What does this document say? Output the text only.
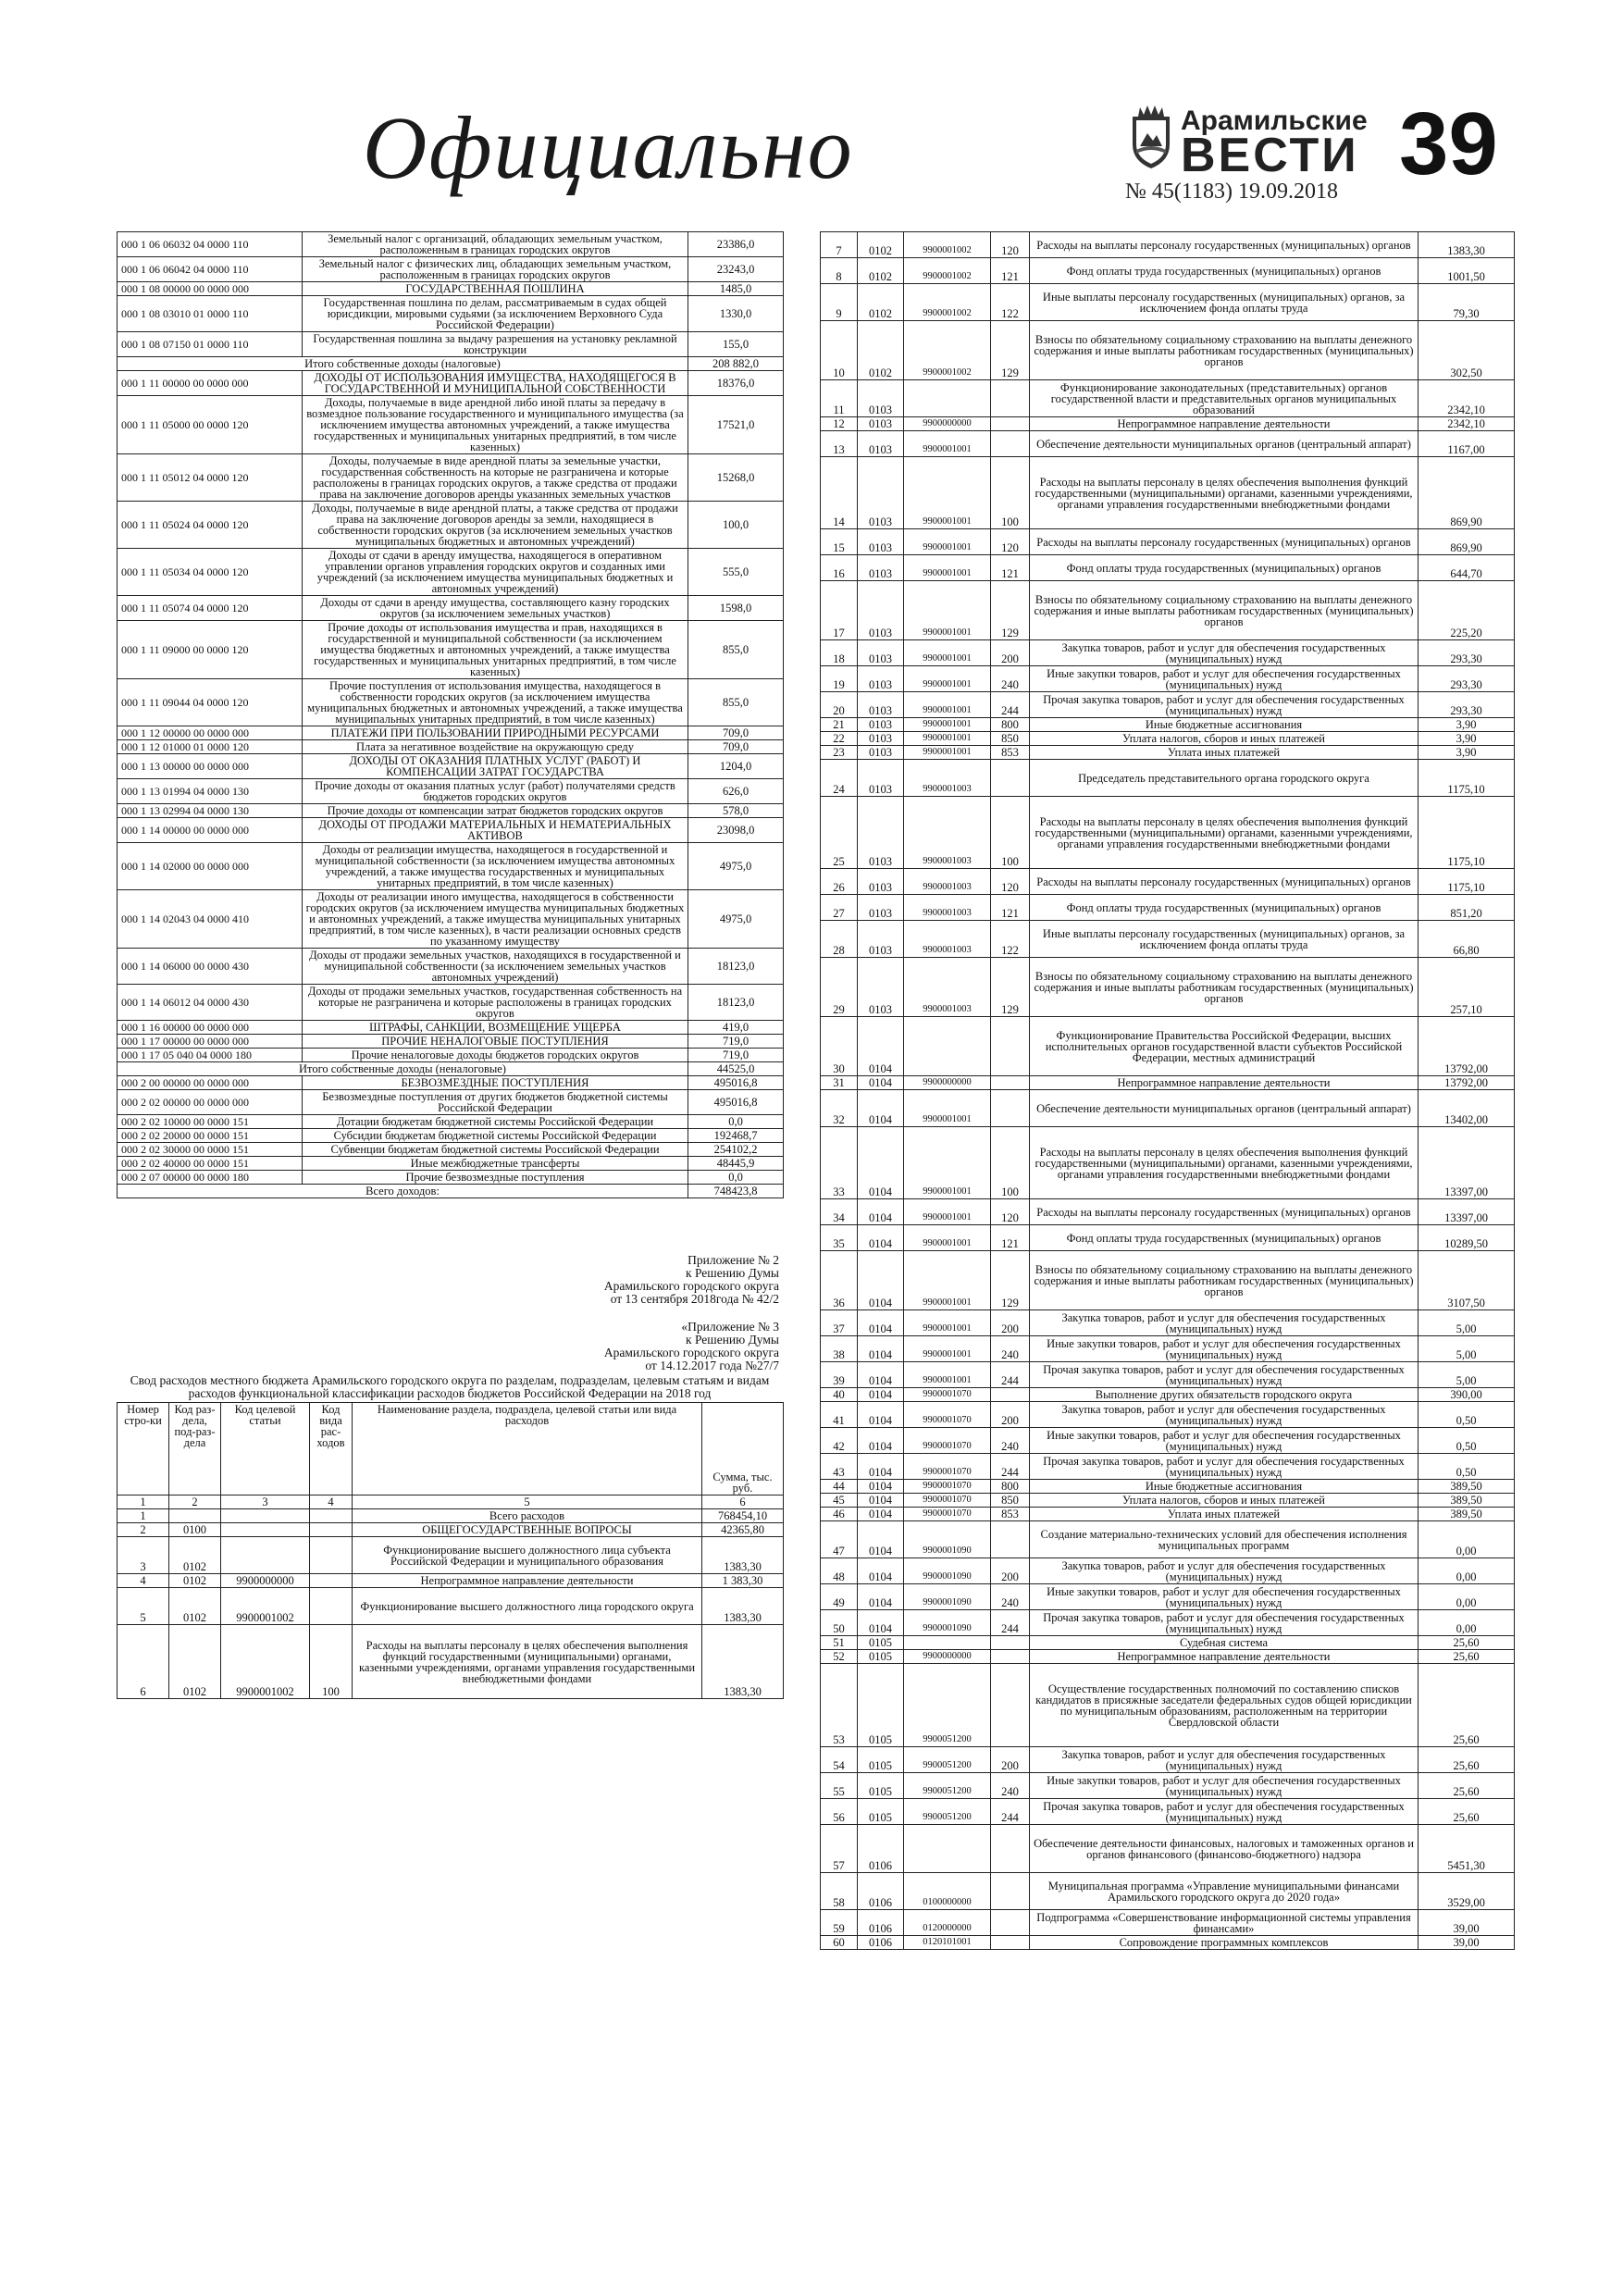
Официально	Арамильские
ВЕСТИ 39
№ 45(1183) 19.09.2018
000 1 06 06032 04 0000 110	Земельный налог с организаций, обладающих земельным участком, расположенным в границах городских округов	23386,0
000 1 06 06042 04 0000 110	Земельный налог с физических лиц, обладающих земельным участком, расположенным в границах городских округов	23243,0
000 1 08 00000 00 0000 000	ГОСУДАРСТВЕННАЯ ПОШЛИНА	1485,0
000 1 08 03010 01 0000 110	Государственная пошлина по делам, рассматриваемым в судах общей юрисдикции, мировыми судьями (за исключением Верховного Суда Российской Федерации)	1330,0
000 1 08 07150 01 0000 110	Государственная пошлина за выдачу разрешения на установку рекламной конструкции	155,0
Итого собственные доходы (налоговые)		208 882,0
000 1 11 00000 00 0000 000	ДОХОДЫ ОТ ИСПОЛЬЗОВАНИЯ ИМУЩЕСТВА, НАХОДЯЩЕГОСЯ В ГОСУДАРСТВЕННОЙ И МУНИЦИПАЛЬНОЙ СОБСТВЕННОСТИ	18376,0
000 1 11 05000 00 0000 120	Доходы, получаемые в виде арендной либо иной платы за передачу в возмездное пользование государственного и муниципального имущества (за исключением имущества автономных учреждений, а также имущества государственных и муниципальных унитарных предприятий, в том числе казенных)	17521,0
000 1 11 05012 04 0000 120	Доходы, получаемые в виде арендной платы за земельные участки, государственная собственность на которые не разграничена и которые расположены в границах городских округов, а также средства от продажи права на заключение договоров аренды указанных земельных участков	15268,0
000 1 11 05024 04 0000 120	Доходы, получаемые в виде арендной платы, а также средства от продажи права на заключение договоров аренды за земли, находящиеся в собственности городских округов (за исключением земельных участков муниципальных бюджетных и автономных учреждений)	100,0
000 1 11 05034 04 0000 120	Доходы от сдачи в аренду имущества, находящегося в оперативном управлении органов управления городских округов и созданных ими учреждений (за исключением имущества муниципальных бюджетных и автономных учреждений)	555,0
000 1 11 05074 04 0000 120	Доходы от сдачи в аренду имущества, составляющего казну городских округов (за исключением земельных участков)	1598,0
000 1 11 09000 00 0000 120	Прочие доходы от использования имущества и прав, находящихся в государственной и муниципальной собственности (за исключением имущества бюджетных и автономных учреждений, а также имущества государственных и муниципальных унитарных предприятий, в том числе казенных)	855,0
000 1 11 09044 04 0000 120	Прочие поступления от использования имущества, находящегося в собственности городских округов (за исключением имущества муниципальных бюджетных и автономных учреждений, а также имущества муниципальных унитарных предприятий, в том числе казенных)	855,0
000 1 12 00000 00 0000 000	ПЛАТЕЖИ ПРИ ПОЛЬЗОВАНИИ ПРИРОДНЫМИ РЕСУРСАМИ	709,0
000 1 12 01000 01 0000 120	Плата за негативное воздействие на окружающую среду	709,0
000 1 13 00000 00 0000 000	ДОХОДЫ ОТ ОКАЗАНИЯ ПЛАТНЫХ УСЛУГ (РАБОТ) И КОМПЕНСАЦИИ ЗАТРАТ ГОСУДАРСТВА	1204,0
000 1 13 01994 04 0000 130	Прочие доходы от оказания платных услуг (работ) получателями средств бюджетов городских округов	626,0
000 1 13 02994 04 0000 130	Прочие доходы от компенсации затрат бюджетов городских округов	578,0
000 1 14 00000 00 0000 000	ДОХОДЫ ОТ ПРОДАЖИ МАТЕРИАЛЬНЫХ И НЕМАТЕРИАЛЬНЫХ АКТИВОВ	23098,0
000 1 14 02000 00 0000 000	Доходы от реализации имущества, находящегося в государственной и муниципальной собственности (за исключением имущества автономных учреждений, а также имущества государственных и муниципальных унитарных предприятий, в том числе казенных)	4975,0
000 1 14 02043 04 0000 410	Доходы от реализации иного имущества, находящегося в собственности городских округов (за исключением имущества муниципальных бюджетных и автономных учреждений, а также имущества муниципальных унитарных предприятий, в том числе казенных), в части реализации основных средств по указанному имуществу	4975,0
000 1 14 06000 00 0000 430	Доходы от продажи земельных участков, находящихся в государственной и муниципальной собственности (за исключением земельных участков автономных учреждений)	18123,0
000 1 14 06012 04 0000 430	Доходы от продажи земельных участков, государственная собственность на которые не разграничена и которые расположены в границах городских округов	18123,0
000 1 16 00000 00 0000 000	ШТРАФЫ, САНКЦИИ, ВОЗМЕЩЕНИЕ УЩЕРБА	419,0
000 1 17 00000 00 0000 000	ПРОЧИЕ НЕНАЛОГОВЫЕ ПОСТУПЛЕНИЯ	719,0
000 1 17 05 040 04 0000 180	Прочие неналоговые доходы бюджетов городских округов	719,0
Итого собственные доходы (неналоговые)		44525,0
000 2 00 00000 00 0000 000	БЕЗВОЗМЕЗДНЫЕ ПОСТУПЛЕНИЯ	495016,8
000 2 02 00000 00 0000 000	Безвозмездные поступления от других бюджетов бюджетной системы Российской Федерации	495016,8
000 2 02 10000 00 0000 151	Дотации бюджетам бюджетной системы Российской Федерации	0,0
000 2 02 20000 00 0000 151	Субсидии бюджетам бюджетной системы Российской Федерации	192468,7
000 2 02 30000 00 0000 151	Субвенции бюджетам бюджетной системы Российской Федерации	254102,2
000 2 02 40000 00 0000 151	Иные межбюджетные трансферты	48445,9
000 2 07 00000 00 0000 180	Прочие безвозмездные поступления	0,0
Всего доходов:		748423,8
Приложение № 2
к Решению Думы
Арамильского городского округа
от 13 сентября 2018года № 42/2
«Приложение № 3
к Решению Думы
Арамильского городского округа
от 14.12.2017 года №27/7
Свод расходов местного бюджета Арамильского городского округа по разделам, подразделам, целевым статьям и видам расходов функциональной классификации расходов бюджетов Российской Федерации на 2018 год
Номер стро-ки	Код раз-дела, под-раз-дела	Код целевой статьи	Код вида рас-ходов	Наименование раздела, подраздела, целевой статьи или вида расходов	Сумма, тыс. руб.
1	2	3	4	5	6
1				Всего расходов	768454,10
2	0100			ОБЩЕГОСУДАРСТВЕННЫЕ ВОПРОСЫ	42365,80
3	0102			Функционирование высшего должностного лица субъекта Российской Федерации и муниципального образования	1383,30
4	0102	9900000000		Непрограммное направление деятельности	1 383,30
5	0102	9900001002		Функционирование высшего должностного лица городского округа	1383,30
6	0102	9900001002	100	Расходы на выплаты персоналу в целях обеспечения выполнения функций государственными (муниципальными) органами, казенными учреждениями, органами управления государственными внебюджетными фондами	1383,30
7	0102	9900001002	120	Расходы на выплаты персоналу государственных (муниципальных) органов	1383,30
8	0102	9900001002	121	Фонд оплаты труда государственных (муниципальных) органов	1001,50
9	0102	9900001002	122	Иные выплаты персоналу государственных (муниципальных) органов, за исключением фонда оплаты труда	79,30
10	0102	9900001002	129	Взносы по обязательному социальному страхованию на выплаты денежного содержания и иные выплаты работникам государственных (муниципальных) органов	302,50
11	0103			Функционирование законодательных (представительных) органов государственной власти и представительных органов муниципальных образований	2342,10
12	0103	9900000000		Непрограммное направление деятельности	2342,10
13	0103	9900001001		Обеспечение деятельности муниципальных органов (центральный аппарат)	1167,00
14	0103	9900001001	100	Расходы на выплаты персоналу в целях обеспечения выполнения функций государственными (муниципальными) органами, казенными учреждениями, органами управления государственными внебюджетными фондами	869,90
15	0103	9900001001	120	Расходы на выплаты персоналу государственных (муниципальных) органов	869,90
16	0103	9900001001	121	Фонд оплаты труда государственных (муниципальных) органов	644,70
17	0103	9900001001	129	Взносы по обязательному социальному страхованию на выплаты денежного содержания и иные выплаты работникам государственных (муниципальных) органов	225,20
18	0103	9900001001	200	Закупка товаров, работ и услуг для обеспечения государственных (муниципальных) нужд	293,30
19	0103	9900001001	240	Иные закупки товаров, работ и услуг для обеспечения государственных (муниципальных) нужд	293,30
20	0103	9900001001	244	Прочая закупка товаров, работ и услуг для обеспечения государственных (муниципальных) нужд	293,30
21	0103	9900001001	800	Иные бюджетные ассигнования	3,90
22	0103	9900001001	850	Уплата налогов, сборов и иных платежей	3,90
23	0103	9900001001	853	Уплата иных платежей	3,90
24	0103	9900001003		Председатель представительного органа городского округа	1175,10
25	0103	9900001003	100	Расходы на выплаты персоналу в целях обеспечения выполнения функций государственными (муниципальными) органами, казенными учреждениями, органами управления государственными внебюджетными фондами	1175,10
26	0103	9900001003	120	Расходы на выплаты персоналу государственных (муниципальных) органов	1175,10
27	0103	9900001003	121	Фонд оплаты труда государственных (муниципальных) органов	851,20
28	0103	9900001003	122	Иные выплаты персоналу государственных (муниципальных) органов, за исключением фонда оплаты труда	66,80
29	0103	9900001003	129	Взносы по обязательному социальному страхованию на выплаты денежного содержания и иные выплаты работникам государственных (муниципальных) органов	257,10
30	0104			Функционирование Правительства Российской Федерации, высших исполнительных органов государственной власти субъектов Российской Федерации, местных администраций	13792,00
31	0104	9900000000		Непрограммное направление деятельности	13792,00
32	0104	9900001001		Обеспечение деятельности муниципальных органов (центральный аппарат)	13402,00
33	0104	9900001001	100	Расходы на выплаты персоналу в целях обеспечения выполнения функций государственными (муниципальными) органами, казенными учреждениями, органами управления государственными внебюджетными фондами	13397,00
34	0104	9900001001	120	Расходы на выплаты персоналу государственных (муниципальных) органов	13397,00
35	0104	9900001001	121	Фонд оплаты труда государственных (муниципальных) органов	10289,50
36	0104	9900001001	129	Взносы по обязательному социальному страхованию на выплаты денежного содержания и иные выплаты работникам государственных (муниципальных) органов	3107,50
37	0104	9900001001	200	Закупка товаров, работ и услуг для обеспечения государственных (муниципальных) нужд	5,00
38	0104	9900001001	240	Иные закупки товаров, работ и услуг для обеспечения государственных (муниципальных) нужд	5,00
39	0104	9900001001	244	Прочая закупка товаров, работ и услуг для обеспечения государственных (муниципальных) нужд	5,00
40	0104	9900001070		Выполнение других обязательств городского округа	390,00
41	0104	9900001070	200	Закупка товаров, работ и услуг для обеспечения государственных (муниципальных) нужд	0,50
42	0104	9900001070	240	Иные закупки товаров, работ и услуг для обеспечения государственных (муниципальных) нужд	0,50
43	0104	9900001070	244	Прочая закупка товаров, работ и услуг для обеспечения государственных (муниципальных) нужд	0,50
44	0104	9900001070	800	Иные бюджетные ассигнования	389,50
45	0104	9900001070	850	Уплата налогов, сборов и иных платежей	389,50
46	0104	9900001070	853	Уплата иных платежей	389,50
47	0104	9900001090		Создание материально-технических условий для обеспечения исполнения муниципальных программ	0,00
48	0104	9900001090	200	Закупка товаров, работ и услуг для обеспечения государственных (муниципальных) нужд	0,00
49	0104	9900001090	240	Иные закупки товаров, работ и услуг для обеспечения государственных (муниципальных) нужд	0,00
50	0104	9900001090	244	Прочая закупка товаров, работ и услуг для обеспечения государственных (муниципальных) нужд	0,00
51	0105			Судебная система	25,60
52	0105	9900000000		Непрограммное направление деятельности	25,60
53	0105	9900051200		Осуществление государственных полномочий по составлению списков кандидатов в присяжные заседатели федеральных судов общей юрисдикции по муниципальным образованиям, расположенным на территории Свердловской области	25,60
54	0105	9900051200	200	Закупка товаров, работ и услуг для обеспечения государственных (муниципальных) нужд	25,60
55	0105	9900051200	240	Иные закупки товаров, работ и услуг для обеспечения государственных (муниципальных) нужд	25,60
56	0105	9900051200	244	Прочая закупка товаров, работ и услуг для обеспечения государственных (муниципальных) нужд	25,60
57	0106			Обеспечение деятельности финансовых, налоговых и таможенных органов и органов финансового (финансово-бюджетного) надзора	5451,30
58	0106	0100000000		Муниципальная программа «Управление муниципальными финансами Арамильского городского округа до 2020 года»	3529,00
59	0106	0120000000		Подпрограмма «Совершенствование информационной системы управления финансами»	39,00
60	0106	0120101001		Сопровождение программных комплексов	39,00
